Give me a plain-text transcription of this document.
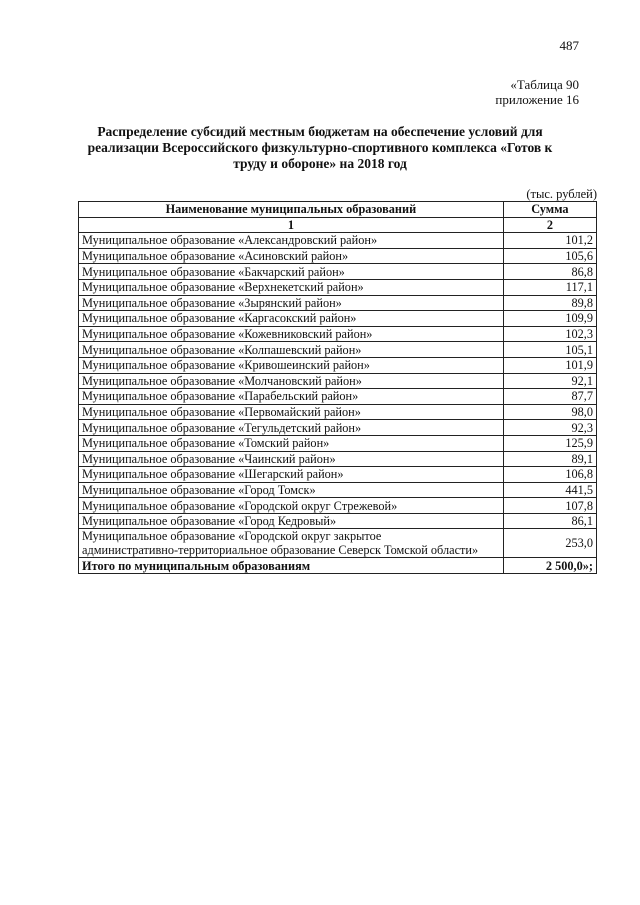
487
«Таблица 90
приложение 16
Распределение субсидий местным бюджетам на обеспечение условий для
реализации Всероссийского физкультурно-спортивного комплекса «Готов к
труду и обороне» на 2018 год
(тыс. рублей)
Наименование муниципальных образований	Сумма
1	2
Муниципальное образование «Александровский район»	101,2
Муниципальное образование «Асиновский район»	105,6
Муниципальное образование «Бакчарский район»	86,8
Муниципальное образование «Верхнекетский район»	117,1
Муниципальное образование «Зырянский район»	89,8
Муниципальное образование «Каргасокский район»	109,9
Муниципальное образование «Кожевниковский район»	102,3
Муниципальное образование «Колпашевский район»	105,1
Муниципальное образование «Кривошеинский район»	101,9
Муниципальное образование «Молчановский район»	92,1
Муниципальное образование «Парабельский район»	87,7
Муниципальное образование «Первомайский район»	98,0
Муниципальное образование «Тегульдетский район»	92,3
Муниципальное образование «Томский район»	125,9
Муниципальное образование «Чаинский район»	89,1
Муниципальное образование «Шегарский район»	106,8
Муниципальное образование «Город Томск»	441,5
Муниципальное образование «Городской округ Стрежевой»	107,8
Муниципальное образование «Город Кедровый»	86,1

Муниципальное образование «Городской округ закрытое
административно-территориальное образование Северск Томской области»	253,0
Итого по муниципальным образованиям	2 500,0»;
